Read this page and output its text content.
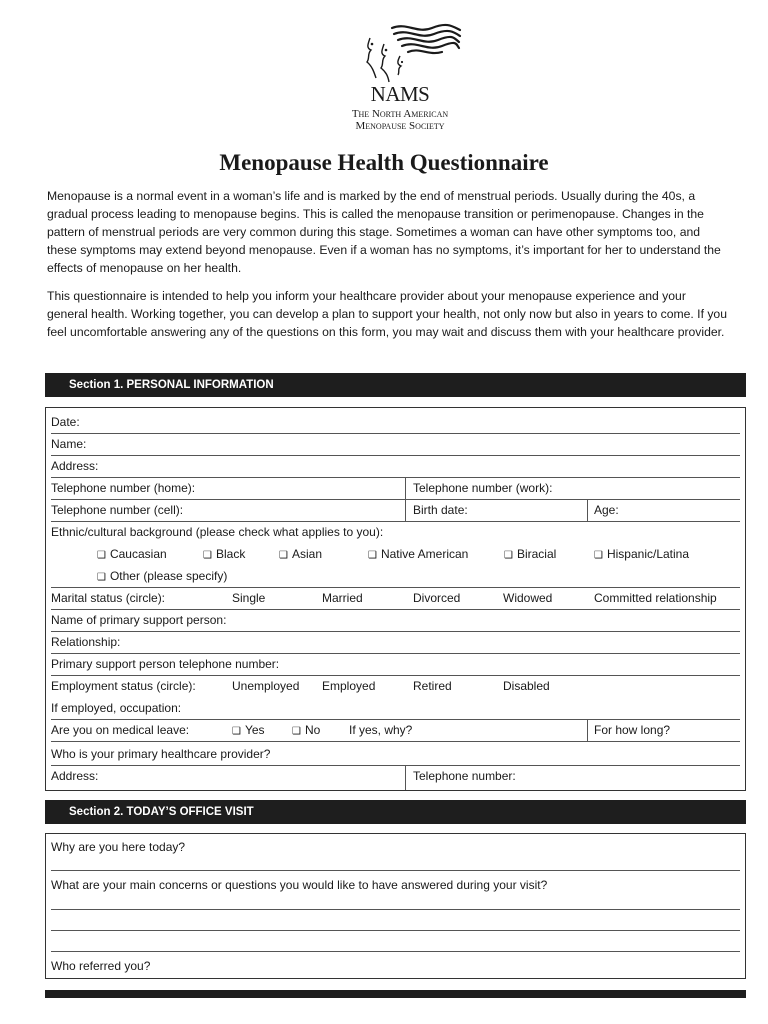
NAMS
The North American
Menopause Society
Menopause Health Questionnaire

Menopause is a normal event in a woman’s life and is marked by the end of menstrual periods. Usually during the 40s, a gradual process leading to menopause begins. This is called the menopause transition or perimenopause. Changes in the pattern of menstrual periods are very common during this stage. Sometimes a woman can have other symptoms too, and these symptoms may extend beyond menopause. Even if a woman has no symptoms, it’s important for her to understand the effects of menopause on her health.

This questionnaire is intended to help you inform your healthcare provider about your menopause experience and your general health. Working together, you can develop a plan to support your health, not only now but also in years to come. If you feel uncomfortable answering any of the questions on this form, you may wait and discuss them with your healthcare provider.

Section 1. PERSONAL INFORMATION
Date:
Name:
Address:
Telephone number (home):	Telephone number (work):
Telephone number (cell):	Birth date:	Age:
Ethnic/cultural background (please check what applies to you):
❑ Caucasian	❑ Black	❑ Asian	❑ Native American	❑ Biracial	❑ Hispanic/Latina
❑ Other (please specify)
Marital status (circle):	Single	Married	Divorced	Widowed	Committed relationship
Name of primary support person:
Relationship:
Primary support person telephone number:
Employment status (circle):	Unemployed Employed	Retired	Disabled
If employed, occupation:
Are you on medical leave:	❑ Yes	❑ No If yes, why?	For how long?
Who is your primary healthcare provider?
Address:	Telephone number:
Section 2. TODAY’S OFFICE VISIT
Why are you here today?
What are your main concerns or questions you would like to have answered during your visit?
Who referred you?
